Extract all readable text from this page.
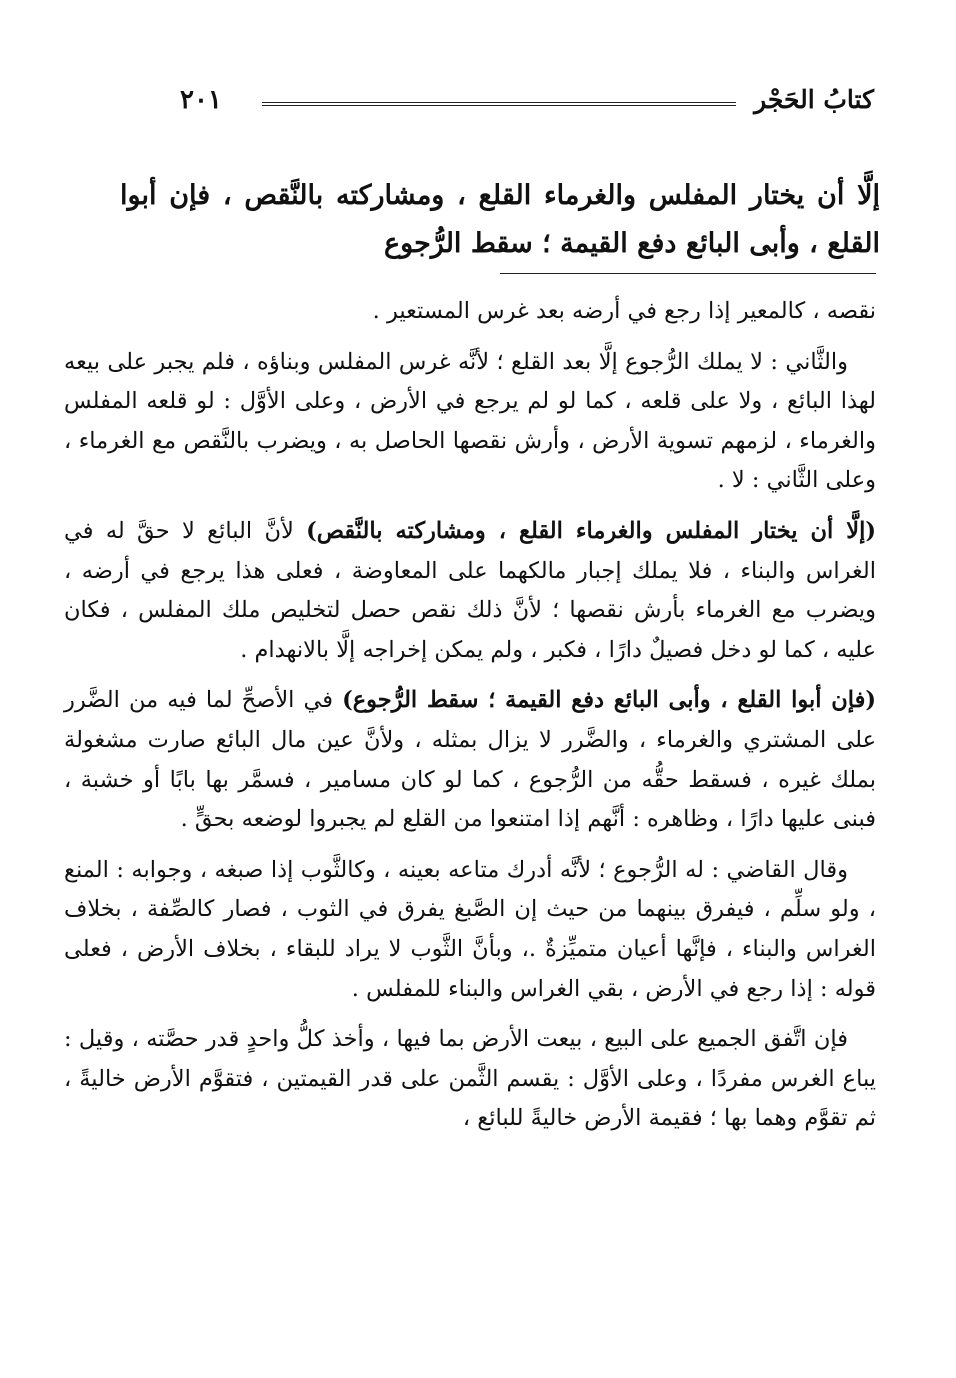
كتابُ الحَجْر
٢٠١
إلَّا أن يختار المفلس والغرماء القلع ، ومشاركته بالنَّقص ، فإن أبوا القلع ، وأبى البائع دفع القيمة ؛ سقط الرُّجوع

نقصه ، كالمعير إذا رجع في أرضه بعد غرس المستعير .

والثَّاني : لا يملك الرُّجوع إلَّا بعد القلع ؛ لأنَّه غرس المفلس وبناؤه ، فلم يجبر على بيعه لهذا البائع ، ولا على قلعه ، كما لو لم يرجع في الأرض ، وعلى الأوَّل : لو قلعه المفلس والغرماء ، لزمهم تسوية الأرض ، وأرش نقصها الحاصل به ، ويضرب بالنَّقص مع الغرماء ، وعلى الثَّاني : لا .

(إلَّا أن يختار المفلس والغرماء القلع ، ومشاركته بالنَّقص) لأنَّ البائع لا حقَّ له في الغراس والبناء ، فلا يملك إجبار مالكهما على المعاوضة ، فعلى هذا يرجع في أرضه ، ويضرب مع الغرماء بأرش نقصها ؛ لأنَّ ذلك نقص حصل لتخليص ملك المفلس ، فكان عليه ، كما لو دخل فصيلٌ دارًا ، فكبر ، ولم يمكن إخراجه إلَّا بالانهدام .

(فإن أبوا القلع ، وأبى البائع دفع القيمة ؛ سقط الرُّجوع) في الأصحِّ لما فيه من الضَّرر على المشتري والغرماء ، والضَّرر لا يزال بمثله ، ولأنَّ عين مال البائع صارت مشغولة بملك غيره ، فسقط حقُّه من الرُّجوع ، كما لو كان مسامير ، فسمَّر بها بابًا أو خشبة ، فبنى عليها دارًا ، وظاهره : أنَّهم إذا امتنعوا من القلع لم يجبروا لوضعه بحقٍّ .

وقال القاضي : له الرُّجوع ؛ لأنَّه أدرك متاعه بعينه ، وكالثَّوب إذا صبغه ، وجوابه : المنع ، ولو سلِّم ، فيفرق بينهما من حيث إن الصَّبغ يفرق في الثوب ، فصار كالصِّفة ، بخلاف الغراس والبناء ، فإنَّها أعيان متميِّزةٌ .، وبأنَّ الثَّوب لا يراد للبقاء ، بخلاف الأرض ، فعلى قوله : إذا رجع في الأرض ، بقي الغراس والبناء للمفلس .

فإن اتَّفق الجميع على البيع ، بيعت الأرض بما فيها ، وأخذ كلُّ واحدٍ قدر حصَّته ، وقيل : يباع الغرس مفردًا ، وعلى الأوَّل : يقسم الثَّمن على قدر القيمتين ، فتقوَّم الأرض خاليةً ، ثم تقوَّم وهما بها ؛ فقيمة الأرض خاليةً للبائع ،
